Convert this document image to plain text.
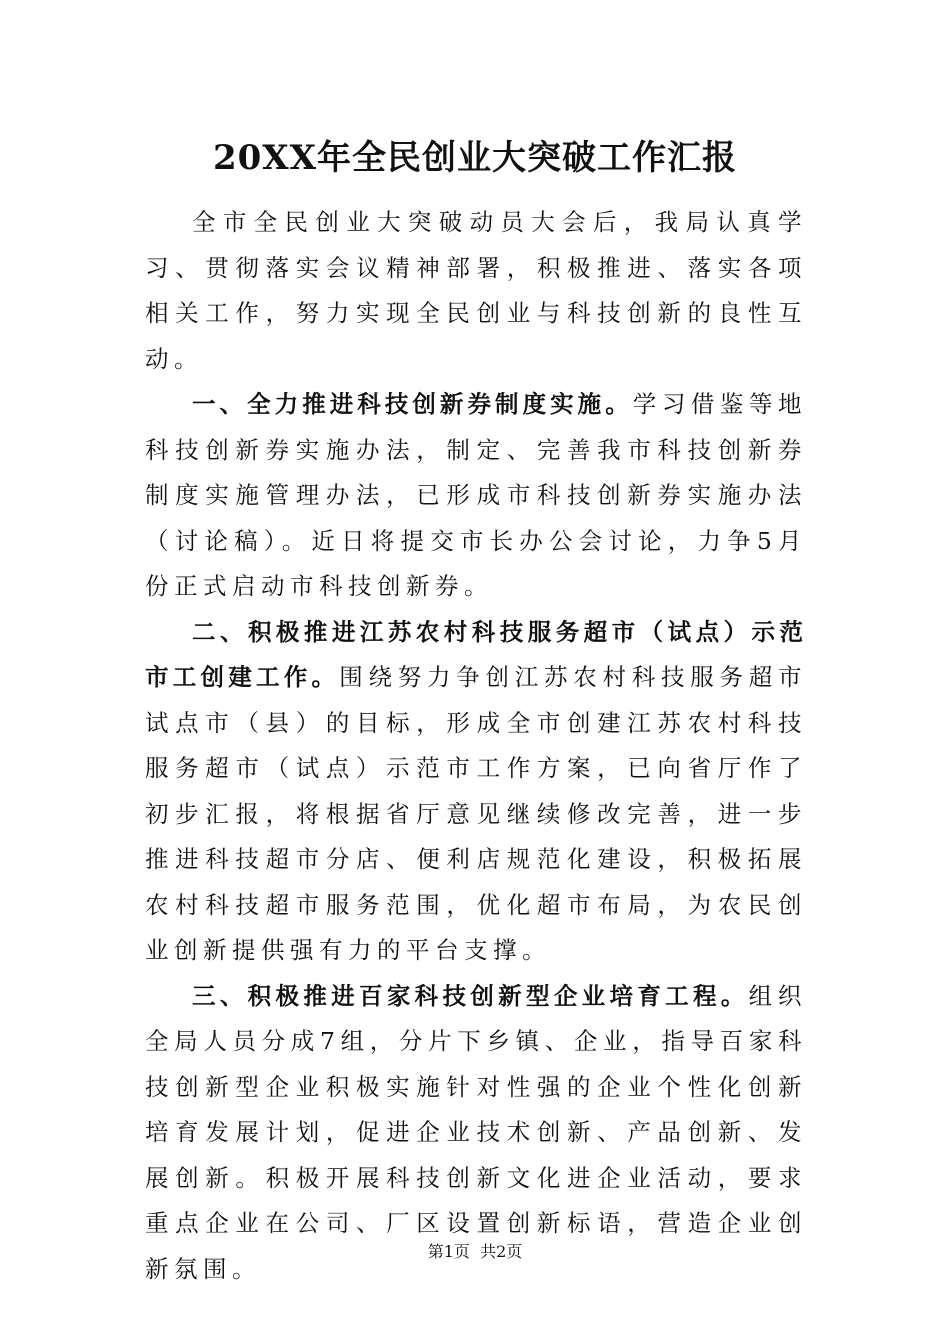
20XX年全民创业大突破工作汇报

全市全民创业大突破动员大会后，我局认真学习、贯彻落实会议精神部署，积极推进、落实各项相关工作，努力实现全民创业与科技创新的良性互动。

一、全力推进科技创新券制度实施。学习借鉴等地科技创新券实施办法，制定、完善我市科技创新券制度实施管理办法，已形成市科技创新券实施办法（讨论稿）。近日将提交市长办公会讨论，力争5月份正式启动市科技创新券。

二、积极推进江苏农村科技服务超市（试点）示范市工创建工作。围绕努力争创江苏农村科技服务超市试点市（县）的目标，形成全市创建江苏农村科技服务超市（试点）示范市工作方案，已向省厅作了初步汇报，将根据省厅意见继续修改完善，进一步推进科技超市分店、便利店规范化建设，积极拓展农村科技超市服务范围，优化超市布局，为农民创业创新提供强有力的平台支撑。

三、积极推进百家科技创新型企业培育工程。组织全局人员分成7组，分片下乡镇、企业，指导百家科技创新型企业积极实施针对性强的企业个性化创新培育发展计划，促进企业技术创新、产品创新、发展创新。积极开展科技创新文化进企业活动，要求重点企业在公司、厂区设置创新标语，营造企业创新氛围。

第1页  共2页
